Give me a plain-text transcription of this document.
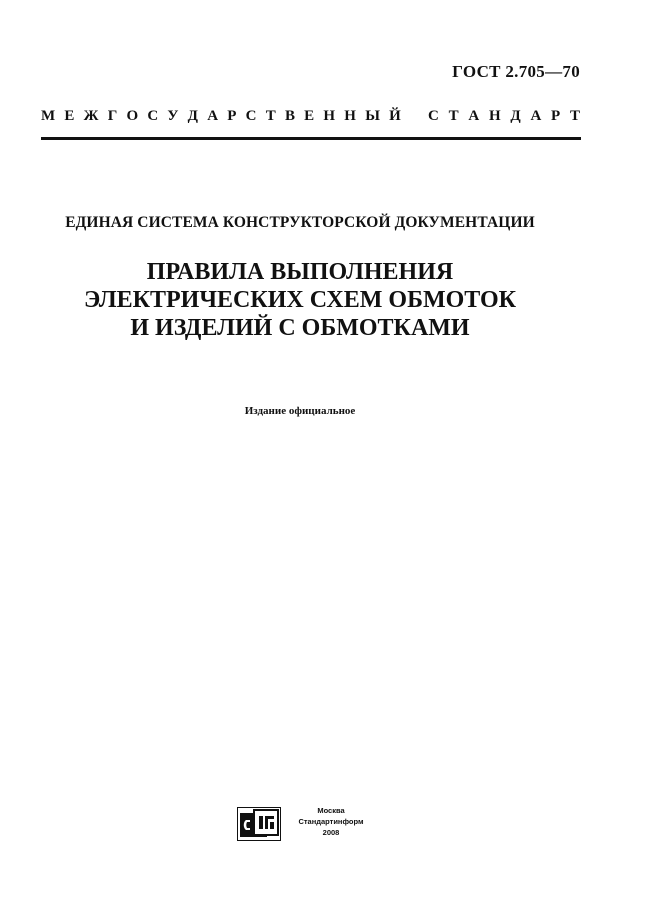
ГОСТ 2.705—70
М Е Ж Г О С У Д А Р С Т В Е Н Н Ы Й С Т А Н Д А Р Т
ЕДИНАЯ СИСТЕМА КОНСТРУКТОРСКОЙ ДОКУМЕНТАЦИИ
ПРАВИЛА ВЫПОЛНЕНИЯ
ЭЛЕКТРИЧЕСКИХ СХЕМ ОБМОТОК
И ИЗДЕЛИЙ С ОБМОТКАМИ
Издание официальное
Москва
Стандартинформ
2008
